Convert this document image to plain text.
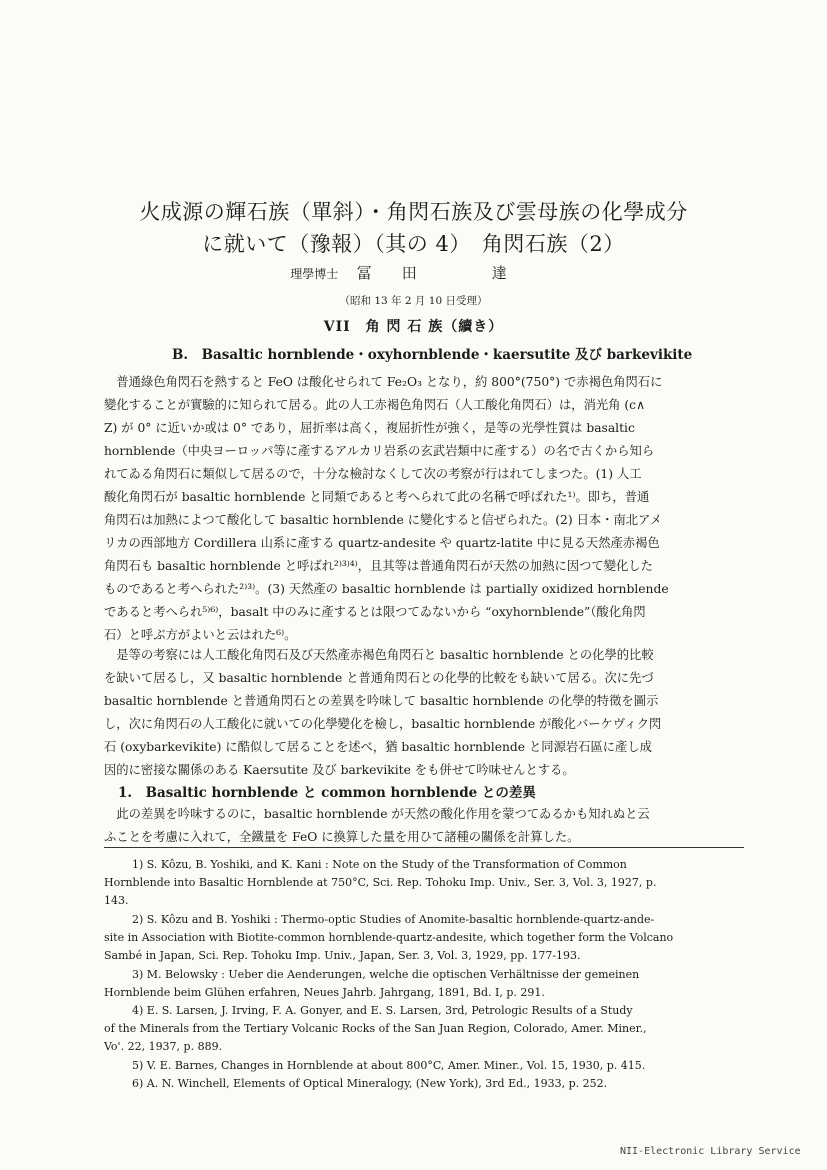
火成源の輝石族（單斜）・角閃石族及び雲母族の化學成分
に就いて（豫報）（其の 4）　角閃石族（2）
理學博士 冨田　達
（昭和 13 年 2 月 10 日受理）
VII　角 閃 石 族（續き）
B.　Basaltic hornblende・oxyhornblende・kaersutite 及び barkevikite
　普通綠色角閃石を熱すると FeO は酸化せられて Fe₂O₃ となり，約 800°(750°) で赤褐色角閃石に
變化することが實驗的に知られて居る。此の人工赤褐色角閃石（人工酸化角閃石）は，消光角 (c∧
Z) が 0° に近いか或は 0° であり，屈折率は高く，複屈折性が強く，是等の光學性質は basaltic
hornblende（中央ヨーロッパ等に產するアルカリ岩系の玄武岩類中に產する）の名で古くから知ら
れてゐる角閃石に類似して居るので，十分な檢討なくして次の考察が行はれてしまつた。(1) 人工
酸化角閃石が basaltic hornblende と同類であると考へられて此の名稱で呼ばれた¹⁾。即ち，普通
角閃石は加熱によつて酸化して basaltic hornblende に變化すると信ぜられた。(2) 日本・南北アメ
リカの西部地方 Cordillera 山系に產する quartz-andesite や quartz-latite 中に見る天然產赤褐色
角閃石も basaltic hornblende と呼ばれ²⁾³⁾⁴⁾，且其等は普通角閃石が天然の加熱に因つて變化した
ものであると考へられた²⁾³⁾。(3) 天然產の basaltic hornblende は partially oxidized hornblende
であると考へられ⁵⁾⁶⁾，basalt 中のみに產するとは限つてゐないから “oxyhornblende”（酸化角閃
石）と呼ぶ方がよいと云はれた⁶⁾。
　是等の考察には人工酸化角閃石及び天然產赤褐色角閃石と basaltic hornblende との化學的比較
を缺いて居るし，又 basaltic hornblende と普通角閃石との化學的比較をも缺いて居る。次に先づ
basaltic hornblende と普通角閃石との差異を吟味して basaltic hornblende の化學的特徵を圖示
し，次に角閃石の人工酸化に就いての化學變化を檢し，basaltic hornblende が酸化バーケヴィク閃
石 (oxybarkevikite) に酷似して居ることを述べ，猶 basaltic hornblende と同源岩石區に產し成
因的に密接な關係のある Kaersutite 及び barkevikite をも併せて吟味せんとする。
1.　Basaltic hornblende と common hornblende との差異
　此の差異を吟味するのに，basaltic hornblende が天然の酸化作用を蒙つてゐるかも知れぬと云
ふことを考慮に入れて，全鐵量を FeO に換算した量を用ひて諸種の關係を計算した。
1) S. Kôzu, B. Yoshiki, and K. Kani : Note on the Study of the Transformation of Common
Hornblende into Basaltic Hornblende at 750°C, Sci. Rep. Tohoku Imp. Univ., Ser. 3, Vol. 3, 1927, p.
143.
2) S. Kôzu and B. Yoshiki : Thermo-optic Studies of Anomite-basaltic hornblende-quartz-ande-
site in Association with Biotite-common hornblende-quartz-andesite, which together form the Volcano
Sambé in Japan, Sci. Rep. Tohoku Imp. Univ., Japan, Ser. 3, Vol. 3, 1929, pp. 177-193.
3) M. Belowsky : Ueber die Aenderungen, welche die optischen Verhältnisse der gemeinen
Hornblende beim Glühen erfahren, Neues Jahrb. Jahrgang, 1891, Bd. I, p. 291.
4) E. S. Larsen, J. Irving, F. A. Gonyer, and E. S. Larsen, 3rd, Petrologic Results of a Study
of the Minerals from the Tertiary Volcanic Rocks of the San Juan Region, Colorado, Amer. Miner.,
Vo'. 22, 1937, p. 889.
5) V. E. Barnes, Changes in Hornblende at about 800°C, Amer. Miner., Vol. 15, 1930, p. 415.
6) A. N. Winchell, Elements of Optical Mineralogy, (New York), 3rd Ed., 1933, p. 252.
NII-Electronic Library Service
